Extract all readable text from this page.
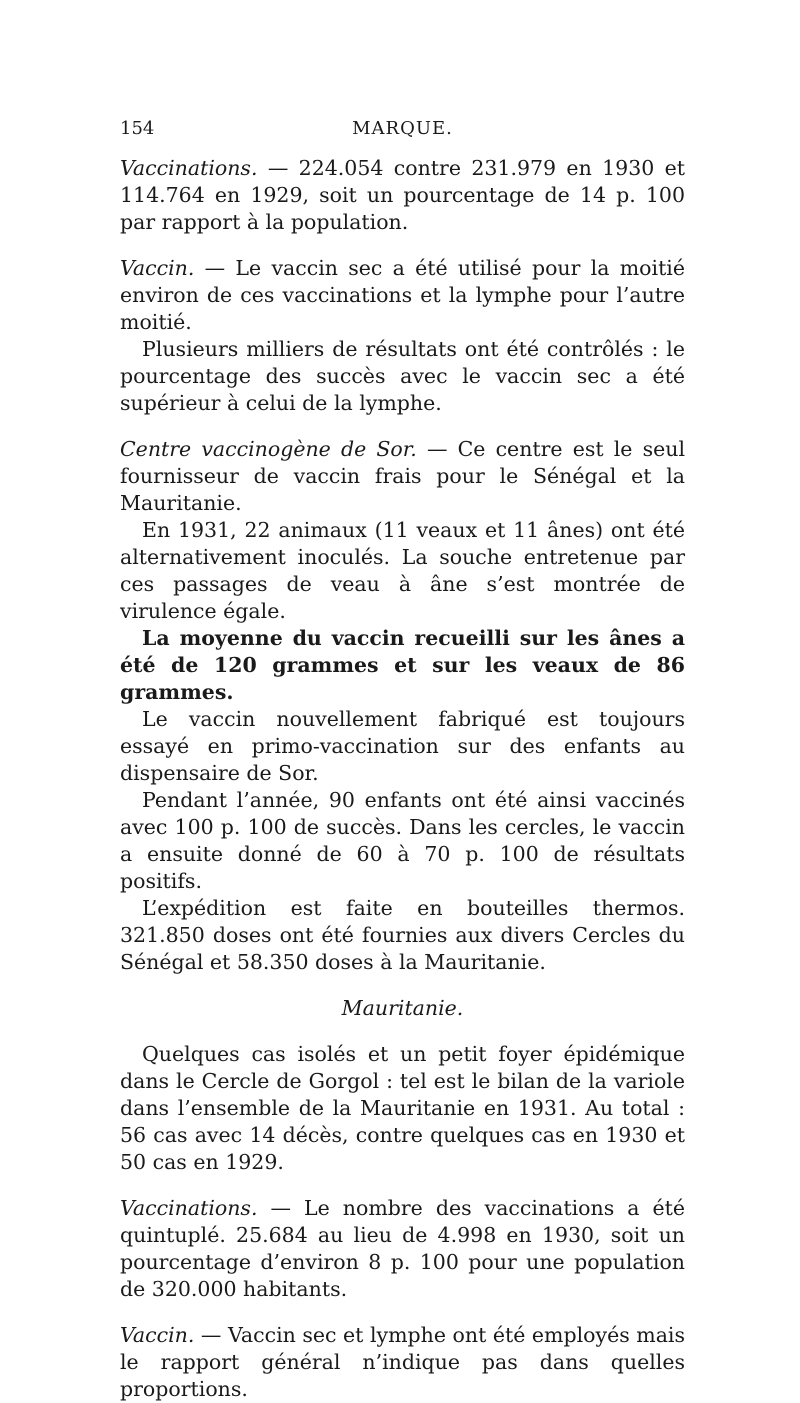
154	MARQUE.

Vaccinations. — 224.054 contre 231.979 en 1930 et 114.764 en 1929, soit un pourcentage de 14 p. 100 par rapport à la population.

Vaccin. — Le vaccin sec a été utilisé pour la moitié environ de ces vaccinations et la lymphe pour l’autre moitié.

Plusieurs milliers de résultats ont été contrôlés : le pourcentage des succès avec le vaccin sec a été supérieur à celui de la lymphe.

Centre vaccinogène de Sor. — Ce centre est le seul fournisseur de vaccin frais pour le Sénégal et la Mauritanie.

En 1931, 22 animaux (11 veaux et 11 ânes) ont été alternativement inoculés. La souche entretenue par ces passages de veau à âne s’est montrée de virulence égale.

La moyenne du vaccin recueilli sur les ânes a été de 120 grammes et sur les veaux de 86 grammes.

Le vaccin nouvellement fabriqué est toujours essayé en primo-vaccination sur des enfants au dispensaire de Sor.

Pendant l’année, 90 enfants ont été ainsi vaccinés avec 100 p. 100 de succès. Dans les cercles, le vaccin a ensuite donné de 60 à 70 p. 100 de résultats positifs.

L’expédition est faite en bouteilles thermos. 321.850 doses ont été fournies aux divers Cercles du Sénégal et 58.350 doses à la Mauritanie.

Mauritanie.

Quelques cas isolés et un petit foyer épidémique dans le Cercle de Gorgol : tel est le bilan de la variole dans l’ensemble de la Mauritanie en 1931. Au total : 56 cas avec 14 décès, contre quelques cas en 1930 et 50 cas en 1929.

Vaccinations. — Le nombre des vaccinations a été quintuplé. 25.684 au lieu de 4.998 en 1930, soit un pourcentage d’environ 8 p. 100 pour une population de 320.000 habitants.

Vaccin. — Vaccin sec et lymphe ont été employés mais le rapport général n’indique pas dans quelles proportions.
